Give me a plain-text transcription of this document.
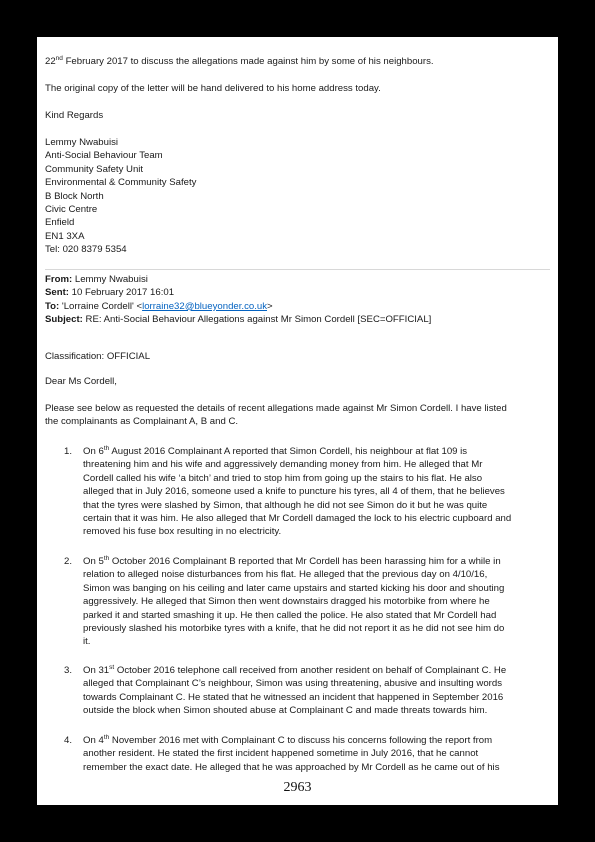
22nd February 2017 to discuss the allegations made against him by some of his neighbours.
The original copy of the letter will be hand delivered to his home address today.
Kind Regards
Lemmy Nwabuisi
Anti-Social Behaviour Team
Community Safety Unit
Environmental & Community Safety
B Block North
Civic Centre
Enfield
EN1 3XA
Tel: 020 8379 5354
From: Lemmy Nwabuisi
Sent: 10 February 2017 16:01
To: 'Lorraine Cordell' <lorraine32@blueyonder.co.uk>
Subject: RE: Anti-Social Behaviour Allegations against Mr Simon Cordell [SEC=OFFICIAL]
Classification: OFFICIAL
Dear Ms Cordell,
Please see below as requested the details of recent allegations made against Mr Simon Cordell. I have listed
the complainants as Complainant A, B and C.
1. On 6th August 2016 Complainant A reported that Simon Cordell, his neighbour at flat 109 is
threatening him and his wife and aggressively demanding money from him. He alleged that Mr
Cordell called his wife ‘a bitch’ and tried to stop him from going up the stairs to his flat. He also
alleged that in July 2016, someone used a knife to puncture his tyres, all 4 of them, that he believes
that the tyres were slashed by Simon, that although he did not see Simon do it but he was quite
certain that it was him. He also alleged that Mr Cordell damaged the lock to his electric cupboard and
removed his fuse box resulting in no electricity.
2. On 5th October 2016 Complainant B reported that Mr Cordell has been harassing him for a while in
relation to alleged noise disturbances from his flat. He alleged that the previous day on 4/10/16,
Simon was banging on his ceiling and later came upstairs and started kicking his door and shouting
aggressively. He alleged that Simon then went downstairs dragged his motorbike from where he
parked it and started smashing it up. He then called the police. He also stated that Mr Cordell had
previously slashed his motorbike tyres with a knife, that he did not report it as he did not see him do
it.
3. On 31st October 2016 telephone call received from another resident on behalf of Complainant C. He
alleged that Complainant C’s neighbour, Simon was using threatening, abusive and insulting words
towards Complainant C. He stated that he witnessed an incident that happened in September 2016
outside the block when Simon shouted abuse at Complainant C and made threats towards him.
4. On 4th November 2016 met with Complainant C to discuss his concerns following the report from
another resident. He stated the first incident happened sometime in July 2016, that he cannot
remember the exact date. He alleged that he was approached by Mr Cordell as he came out of his
2963
